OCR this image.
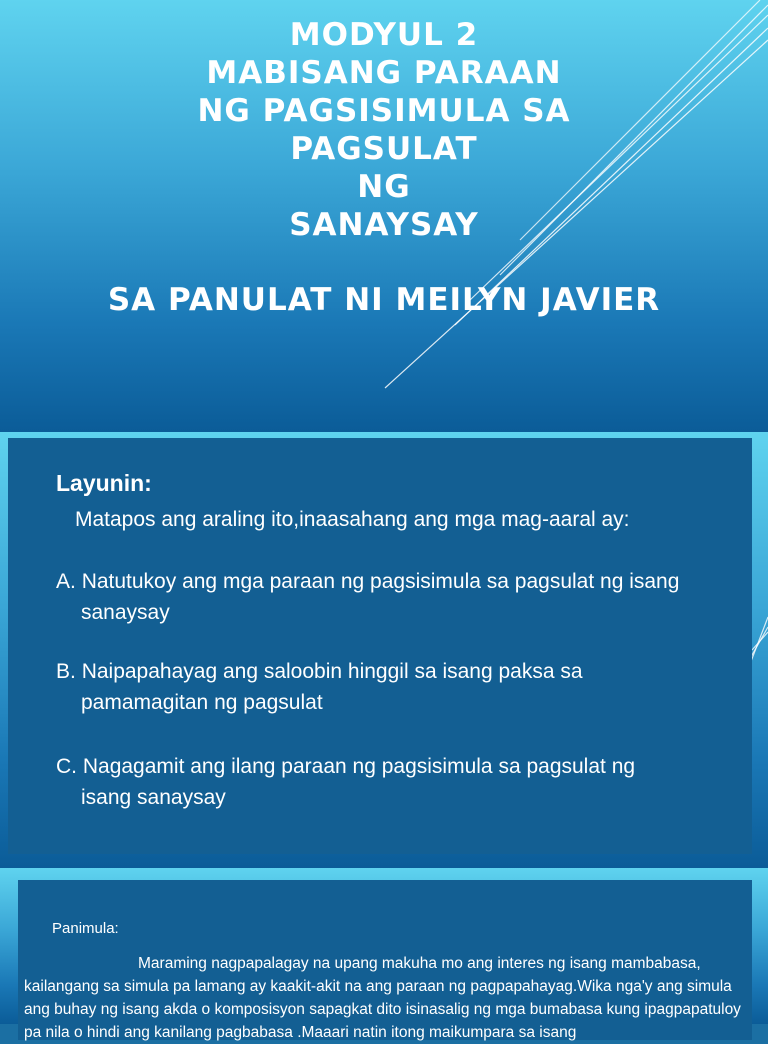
MODYUL 2
MABISANG PARAAN
NG PAGSISIMULA SA
PAGSULAT
NG
SANAYSAY
SA PANULAT NI MEILYN JAVIER
Layunin:
Matapos ang araling ito,inaasahang ang mga mag-aaral ay:
A. Natutukoy ang mga paraan ng pagsisimula sa pagsulat ng isang
sanaysay
B. Naipapahayag ang saloobin hinggil sa isang paksa sa
pamamagitan ng pagsulat
C. Nagagamit ang ilang paraan ng pagsisimula sa pagsulat ng
isang sanaysay
Panimula:

Maraming nagpapalagay na upang makuha mo ang interes ng isang mambabasa, kailangang sa simula pa lamang ay kaakit-akit na ang paraan ng pagpapahayag.Wika nga'y ang simula ang buhay ng isang akda o komposisyon sapagkat dito isinasalig ng mga bumabasa kung ipagpapatuloy pa nila o hindi ang kanilang pagbabasa .Maaari natin itong maikumpara sa isang
